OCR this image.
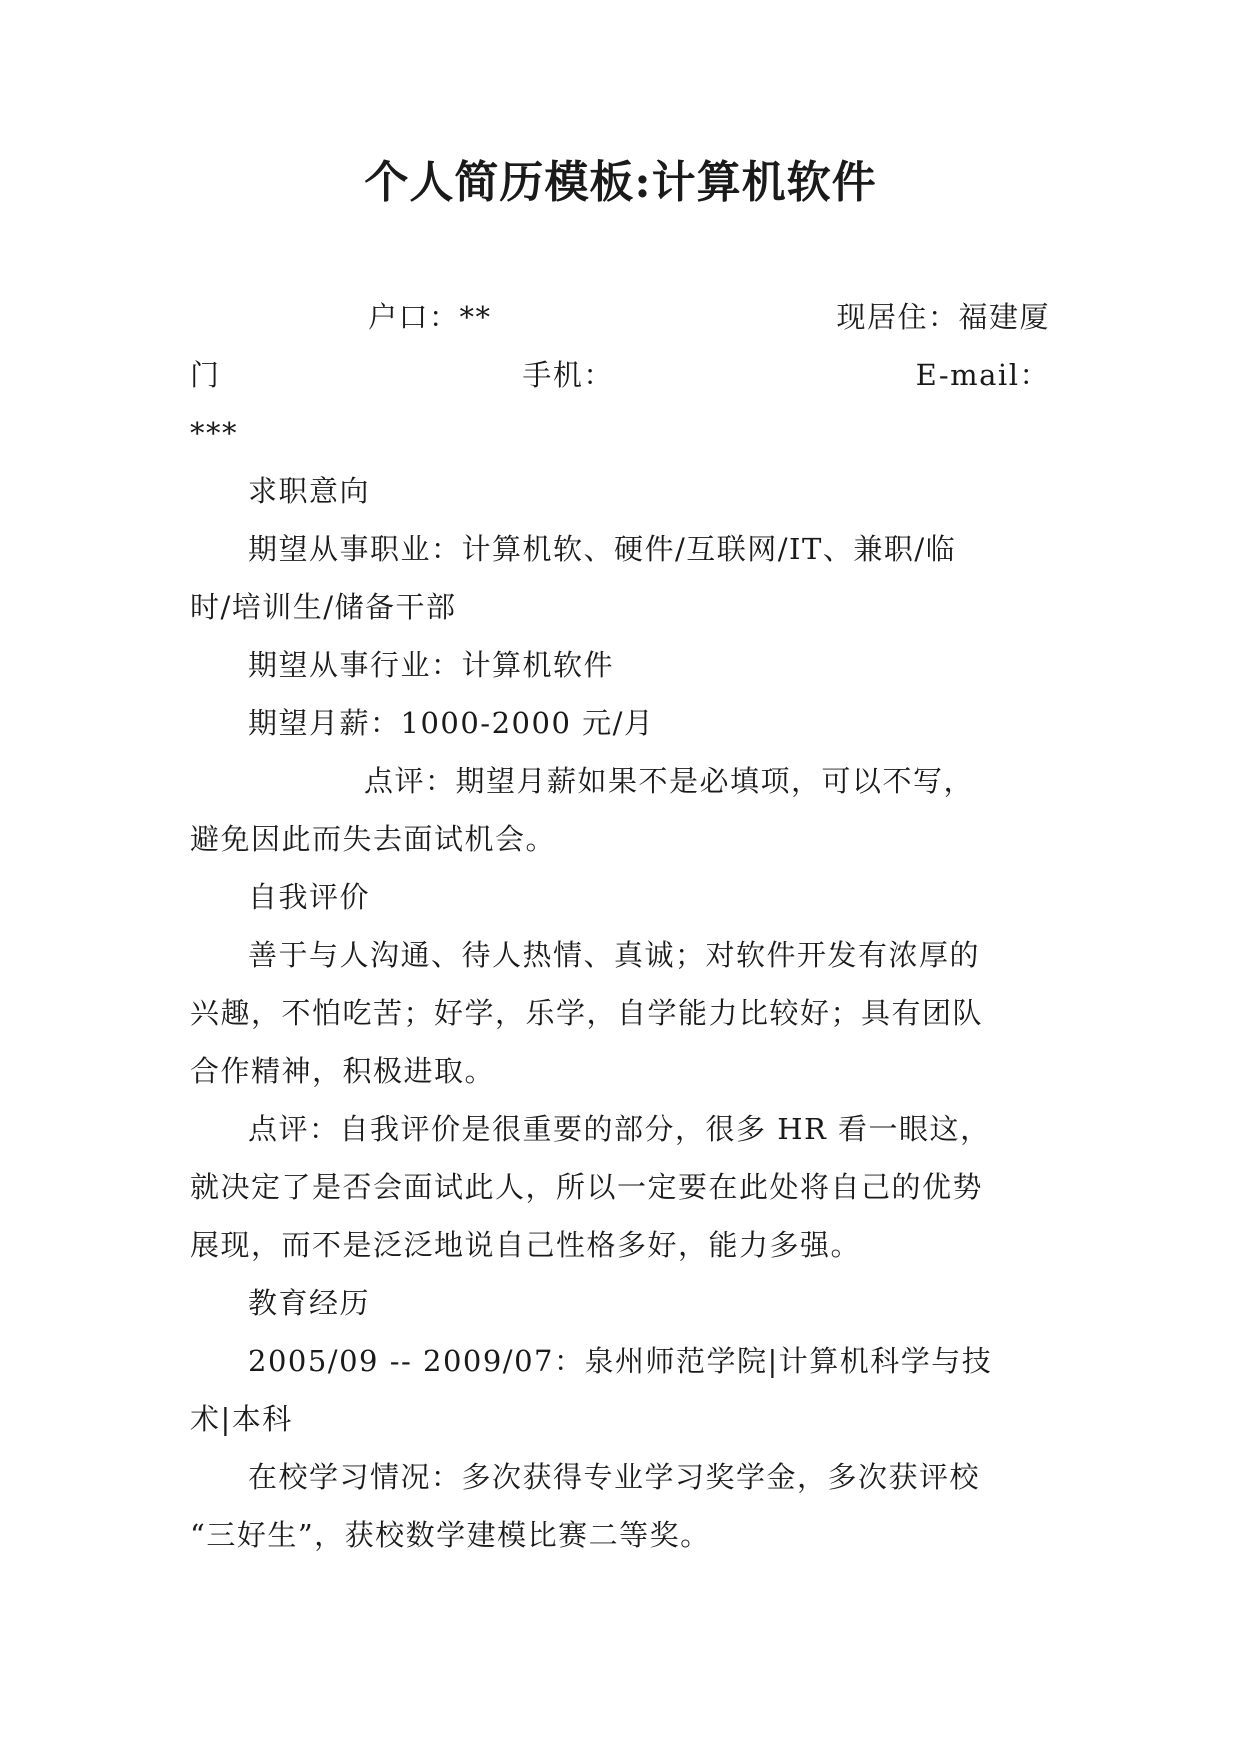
个人简历模板:计算机软件
户口：**	现居住：福建厦
门	手机：	E-mail：

***

求职意向

期望从事职业：计算机软、硬件/互联网/IT、兼职/临

时/培训生/储备干部

期望从事行业：计算机软件

期望月薪：1000-2000 元/月

点评：期望月薪如果不是必填项，可以不写，

避免因此而失去面试机会。

自我评价

善于与人沟通、待人热情、真诚；对软件开发有浓厚的

兴趣，不怕吃苦；好学，乐学，自学能力比较好；具有团队

合作精神，积极进取。

点评：自我评价是很重要的部分，很多 HR 看一眼这，

就决定了是否会面试此人，所以一定要在此处将自己的优势

展现，而不是泛泛地说自己性格多好，能力多强。

教育经历

2005/09 -- 2009/07：泉州师范学院|计算机科学与技

术|本科

在校学习情况：多次获得专业学习奖学金，多次获评校

“三好生”，获校数学建模比赛二等奖。
